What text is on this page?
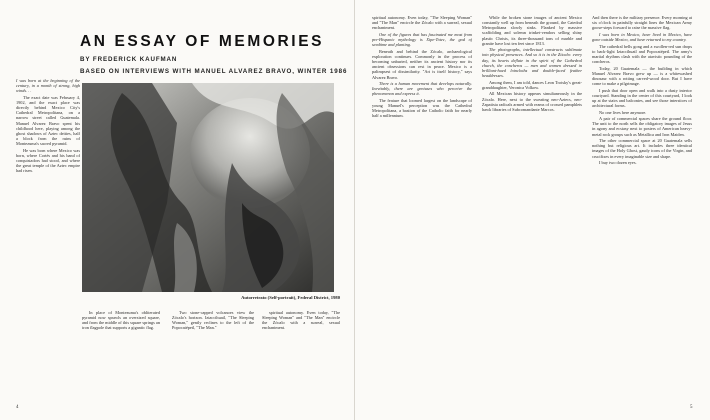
AN ESSAY OF MEMORIES

BY FREDERICK KAUFMAN

BASED ON INTERVIEWS WITH MANUEL ALVAREZ BRAVO, WINTER 1986

Autorretrato (Self-portrait), Federal District, 1980

I was born at the beginning of the century, in a month of strong, high winds. . .

The exact date was February 4, 1902, and the exact place was directly behind Mexico City's Cathedral Metropolitana, on a narrow street called Guatemala. Manuel Alvarez Bravo spent his childhood here, playing among the ghost shadows of Aztec deities, half a block from the ruins of Montezuma's sacred pyramid.

He was born where Mexico was born, where Cortés and his band of conquistadors had stood, and where the great temple of the Aztec empire had risen.

In place of Montezuma's obliterated pyramid now sprawls an oversized square, and from the middle of this square springs an iron flagpole that supports a gigantic flag.

Two stone-capped volcanoes view the Zócalo's horizon. Iztaccihuatl, "The Sleeping Woman," gently reclines to the left of the Popocatépetl, "The Man."

spiritual autonomy. Even today, "The Sleeping Woman" and "The Man" encircle the Zócalo with a surreal, sexual enchantment.

4

spiritual autonomy. Even today, "The Sleeping Woman" and "The Man" encircle the Zócalo with a surreal, sexual enchantment.

One of the figures that has fascinated me most from pre-Hispanic mythology is Xipe-Totec, the god of seedtime and planting.

Beneath and behind the Zócalo, archaeological exploration continues. Commonly in the process of becoming unburied, neither its ancient history nor its ancient obsessions can rest in peace. Mexico is a palimpsest of dissimilarity. "Art is itself history," says Alvarez Bravo.

There is a human movement that develops naturally. Inevitably, there are geniuses who perceive the phenomenon and express it.

The feature that loomed largest on the landscape of young Manuel's perception was the Cathedral Metropolitana, a bastion of the Catholic faith for nearly half a millennium.

While the broken stone images of ancient Mexico constantly well up from beneath the ground, the Catedral Metropolitana slowly sinks. Flanked by massive scaffolding and solemn trinket-vendors selling shiny plastic Christs, its three-thousand tons of marble and granite have lost ten feet since 1813.

The photographs, intellectual constructs sublimate into physical presences. And so it is in the Zócalo: every day, its hearts deflate in the spirit of the Cathedral church, the concheros — men and women dressed in brilliant-hued loincloths and double-faced feather headdresses.

Among them, I am told, dances Leon Trotsky's great-granddaughter, Veronica Volkow.

All Mexican history appears simultaneously in the Zócalo. Here, next to the sweating neo-Aztecs, neo-Zapatista radicals armed with reams of crossed pamphlets hawk libraries of Subcomandante Marcos.

And then there is the military presence. Every morning at six o'clock in painfully straight lines the Mexican Army goose-steps forward to raise the massive flag.

I was born in Mexico, have lived in Mexico, have gone outside Mexico, and have returned to my country.

The cathedral bells gong and a swollen-red sun drops to back-light Iztaccíhuatl and Popocatépetl. The army's martial rhythms clash with the atavistic pounding of the concheros.

Today, 20 Guatemala — the building in which Manuel Alvarez Bravo grew up — is a whitewashed dinosaur with a rotting carved-wood door. But I have come to make a pilgrimage.

I push that door open and walk into a dusty interior courtyard. Standing in the center of this courtyard, I look up at the stairs and balconies, and see those interstices of architectural forms.

No one lives here anymore.

A pair of commercial spaces share the ground floor. The unit to the north sells the obligatory images of Jesus in agony and ecstasy next to posters of American heavy-metal rock groups such as Metallica and Iron Maiden.

The other commercial space at 20 Guatemala sells nothing but religious art. It includes three identical images of the Holy Ghost, gaudy icons of the Virgin, and crucifixes in every imaginable size and shape.

I buy two dozen eyes.

5
